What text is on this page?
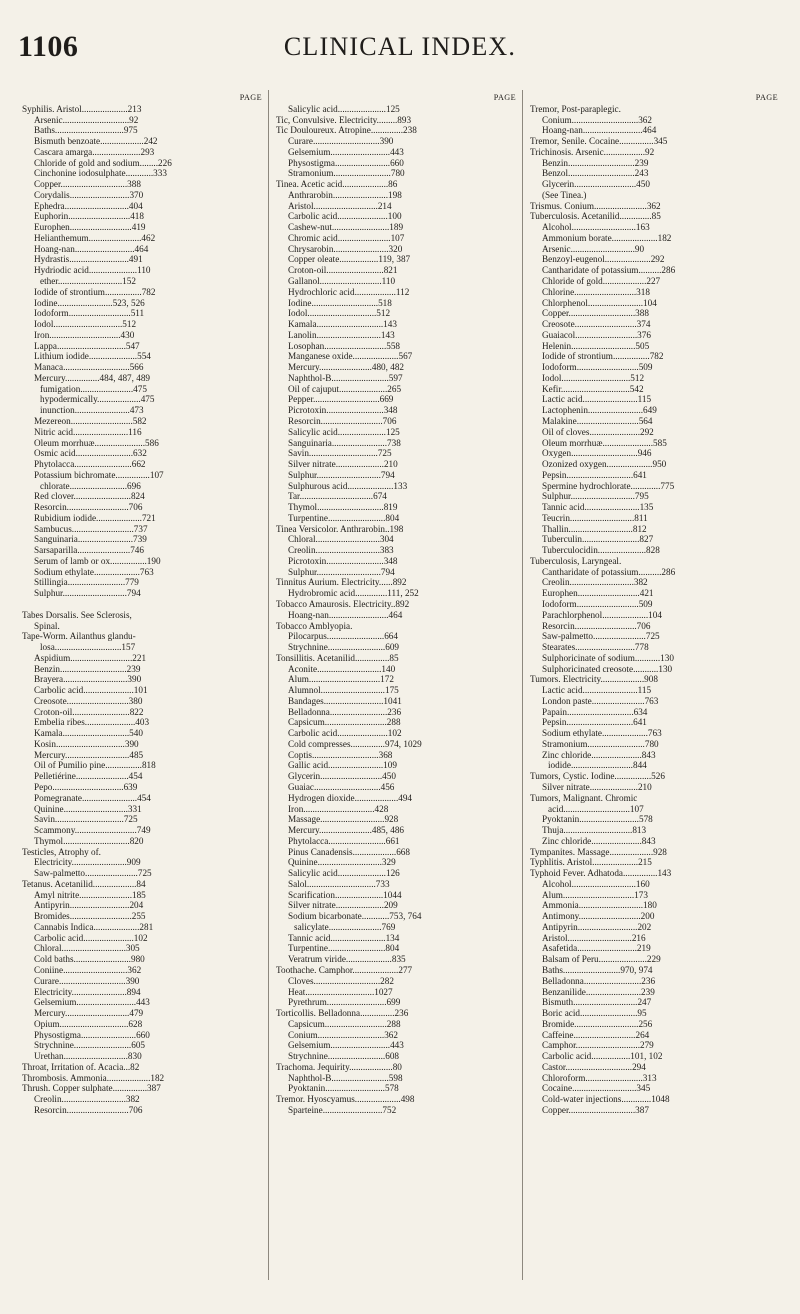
1106	CLINICAL INDEX.
PAGE
Syphilis. Aristol....................213
Arsenic.............................92
Baths..............................975
Bismuth benzoate...................242
Cascara amarga.....................293
Chloride of gold and sodium........226
Cinchonine iodosulphate............333
Copper.............................388
Corydalis..........................370
Ephedra............................404
Euphorin...........................418
Europhen...........................419
Helianthemum.......................462
Hoang-nan..........................464
Hydrastis..........................491
Hydriodic acid.....................110
ether............................152
Iodide of strontium................782
Iodine........................523, 526
Iodoform...........................511
Iodol..............................512
Iron...............................430
Lappa..............................547
Lithium iodide.....................554
Manaca.............................566
Mercury...............484, 487, 489
fumigation.......................475
hypodermically...................475
inunction........................473
Mezereon...........................582
Nitric acid........................116
Oleum morrhuæ......................586
Osmic acid.........................632
Phytolacca.........................662
Potassium bichromate...............107
chlorate.........................696
Red clover.........................824
Resorcin...........................706
Rubidium iodide....................721
Sambucus...........................737
Sanguinaria........................739
Sarsaparilla.......................746
Serum of lamb or ox................190
Sodium ethylate....................763
Stillingia.........................779
Sulphur............................794
Tabes Dorsalis. See Sclerosis,
Spinal.
Tape-Worm. Ailanthus glandu-
losa.............................157
Aspidium...........................221
Benzin.............................239
Brayera............................390
Carbolic acid......................101
Creosote...........................380
Croton-oil.........................822
Embelia ribes......................403
Kamala.............................540
Kosin..............................390
Mercury............................485
Oil of Pumilio pine................818
Pelletiérine.......................454
Pepo...............................639
Pomegranate........................454
Quinine............................331
Savin..............................725
Scammony...........................749
Thymol.............................820
Testicles, Atrophy of.
Electricity........................909
Saw-palmetto.......................725
Tetanus. Acetanilid...................84
Amyl nitrite.......................185
Antipyrin..........................204
Bromides...........................255
Cannabis Indica....................281
Carbolic acid......................102
Chloral............................305
Cold baths.........................980
Coniine............................362
Curare.............................390
Electricity........................894
Gelsemium..........................443
Mercury............................479
Opium..............................628
Physostigma........................660
Strychnine.........................605
Urethan............................830
Throat, Irritation of. Acacia...82
Thrombosis. Ammonia...................182
Thrush. Copper sulphate...............387
Creolin............................382
Resorcin...........................706
PAGE
Salicylic acid.....................125
Tic, Convulsive. Electricity.........893
Tic Douloureux. Atropine..............238
Curare.............................390
Gelsemium..........................443
Physostigma........................660
Stramonium.........................780
Tinea. Acetic acid....................86
Anthrarobin........................198
Aristol............................214
Carbolic acid......................100
Cashew-nut.........................189
Chromic acid.......................107
Chrysarobin........................320
Copper oleate.................119, 387
Croton-oil.........................821
Gallanol...........................110
Hydrochloric acid..................112
Iodine.............................518
Iodol..............................512
Kamala.............................143
Lanolin............................143
Losophan...........................558
Manganese oxide....................567
Mercury.......................480, 482
Naphthol-B.........................597
Oil of cajuput.....................265
Pepper.............................669
Picrotoxin.........................348
Resorcin...........................706
Salicylic acid.....................125
Sanguinaria........................738
Savin..............................725
Silver nitrate.....................210
Sulphur............................794
Sulphurous acid....................133
Tar................................674
Thymol.............................819
Turpentine.........................804
Tinea Versicolor. Anthrarobin..198
Chloral............................304
Creolin............................383
Picrotoxin.........................348
Sulphur............................794
Tinnitus Aurium. Electricity......892
Hydrobromic acid..............111, 252
Tobacco Amaurosis. Electricity..892
Hoang-nan..........................464
Tobacco Amblyopia.
Pilocarpus.........................664
Strychnine.........................609
Tonsillitis. Acetanilid...............85
Aconite............................140
Alum...............................172
Alumnol............................175
Bandages..........................1041
Belladonna.........................236
Capsicum...........................288
Carbolic acid......................102
Cold compresses...............974, 1029
Coptis.............................368
Gallic acid........................109
Glycerin...........................450
Guaiac.............................456
Hydrogen dioxide...................494
Iron...............................428
Massage............................928
Mercury.......................485, 486
Phytolacca.........................661
Pinus Canadensis...................668
Quinine............................329
Salicylic acid.....................126
Salol..............................733
Scarification.....................1044
Silver nitrate.....................209
Sodium bicarbonate............753, 764
salicylate.......................769
Tannic acid........................134
Turpentine.........................804
Veratrum viride....................835
Toothache. Camphor....................277
Cloves.............................282
Heat..............................1027
Pyrethrum..........................699
Torticollis. Belladonna...............236
Capsicum...........................288
Conium.............................362
Gelsemium..........................443
Strychnine.........................608
Trachoma. Jequirity...................80
Naphthol-B.........................598
Pyoktanin..........................578
Tremor. Hyoscyamus....................498
Sparteine..........................752
PAGE
Tremor, Post-paraplegic.
Conium.............................362
Hoang-nan..........................464
Tremor, Senile. Cocaine...............345
Trichinosis. Arsenic..................92
Benzin.............................239
Benzol.............................243
Glycerin...........................450
(See Tinea.)
Trismus. Conium.......................362
Tuberculosis. Acetanilid..............85
Alcohol............................163
Ammonium borate....................182
Arsenic............................90
Benzoyl-eugenol....................292
Cantharidate of potassium..........286
Chloride of gold...................227
Chlorine...........................318
Chlorphenol........................104
Copper.............................388
Creosote...........................374
Guaiacol...........................376
Helenin............................505
Iodide of strontium................782
Iodoform...........................509
Iodol..............................512
Kefir..............................542
Lactic acid........................115
Lactophenin........................649
Malakine...........................564
Oil of cloves......................292
Oleum morrhuæ......................585
Oxygen.............................946
Ozonized oxygen....................950
Pepsin.............................641
Spermine hydrochlorate.............775
Sulphur............................795
Tannic acid........................135
Teucrin............................811
Thallin............................812
Tuberculin.........................827
Tuberculocidin.....................828
Tuberculosis, Laryngeal.
Cantharidate of potassium..........286
Creolin............................382
Europhen...........................421
Iodoform...........................509
Parachlorphenol....................104
Resorcin...........................706
Saw-palmetto.......................725
Stearates..........................778
Sulphoricinate of sodium...........130
Sulphoricinated creosote...........130
Tumors. Electricity...................908
Lactic acid........................115
London paste.......................763
Papain.............................634
Pepsin.............................641
Sodium ethylate....................763
Stramonium.........................780
Zinc chloride......................843
iodide...........................844
Tumors, Cystic. Iodine................526
Silver nitrate.....................210
Tumors, Malignant. Chromic
acid.............................107
Pyoktanin..........................578
Thuja..............................813
Zinc chloride......................843
Tympanites. Massage...................928
Typhlitis. Aristol....................215
Typhoid Fever. Adhatoda...............143
Alcohol............................160
Alum...............................173
Ammonia............................180
Antimony...........................200
Antipyrin..........................202
Aristol............................216
Asafetida..........................219
Balsam of Peru.....................229
Baths.........................970, 974
Belladonna.........................236
Benzanilide........................239
Bismuth............................247
Boric acid.........................95
Bromide............................256
Caffeine...........................264
Camphor............................279
Carbolic acid.................101, 102
Castor.............................294
Chloroform.........................313
Cocaine............................345
Cold-water injections.............1048
Copper.............................387
